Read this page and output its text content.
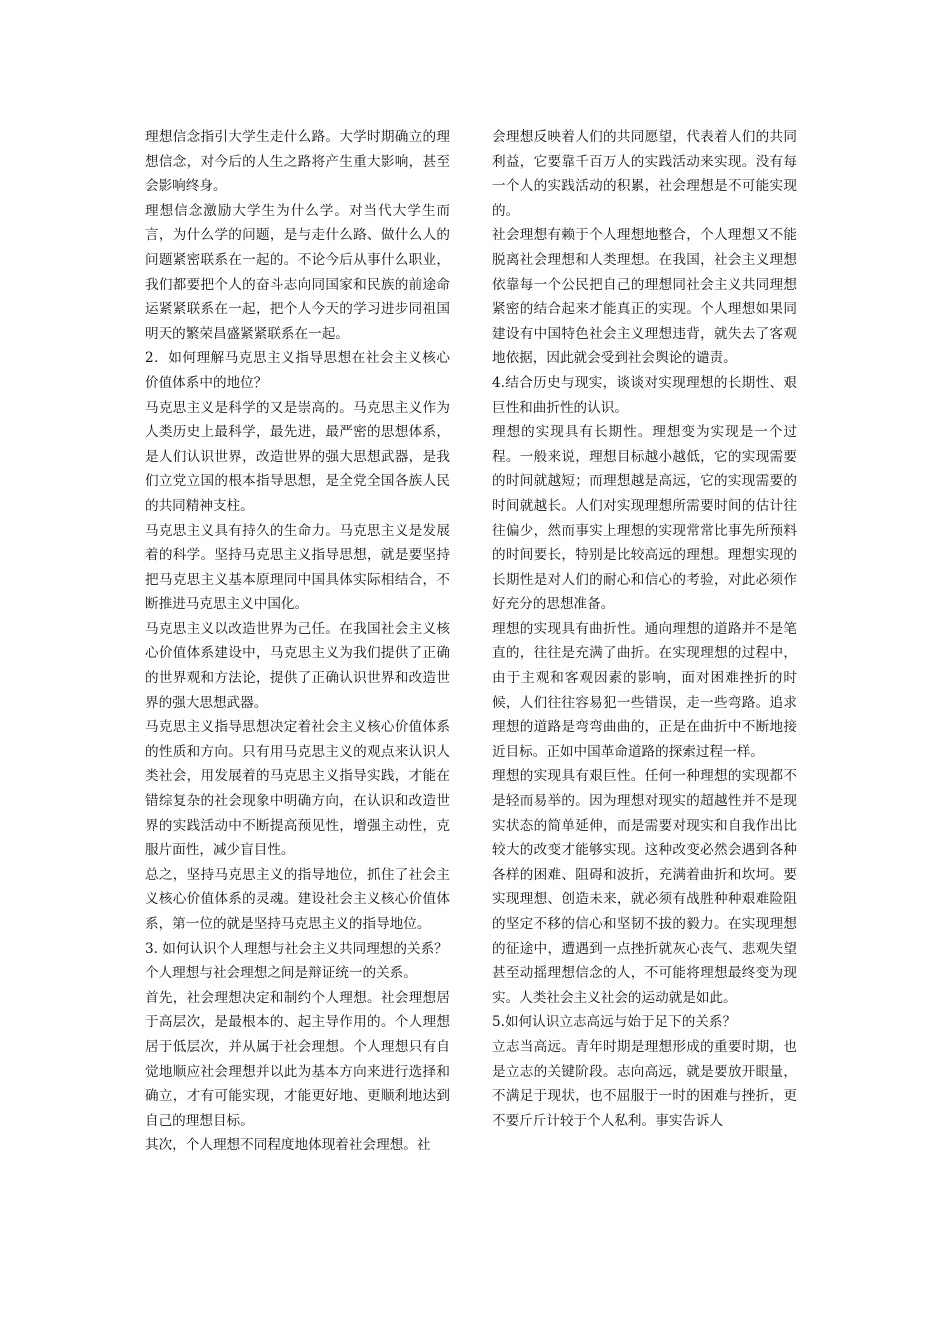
理想信念指引大学生走什么路。大学时期确立的理想信念，对今后的人生之路将产生重大影响，甚至会影响终身。

理想信念激励大学生为什么学。对当代大学生而言，为什么学的问题，是与走什么路、做什么人的问题紧密联系在一起的。不论今后从事什么职业，我们都要把个人的奋斗志向同国家和民族的前途命运紧紧联系在一起，把个人今天的学习进步同祖国明天的繁荣昌盛紧紧联系在一起。

2．如何理解马克思主义指导思想在社会主义核心价值体系中的地位？

马克思主义是科学的又是崇高的。马克思主义作为人类历史上最科学，最先进，最严密的思想体系，是人们认识世界，改造世界的强大思想武器，是我们立党立国的根本指导思想，是全党全国各族人民的共同精神支柱。

马克思主义具有持久的生命力。马克思主义是发展着的科学。坚持马克思主义指导思想，就是要坚持把马克思主义基本原理同中国具体实际相结合，不断推进马克思主义中国化。

马克思主义以改造世界为己任。在我国社会主义核心价值体系建设中，马克思主义为我们提供了正确的世界观和方法论，提供了正确认识世界和改造世界的强大思想武器。

马克思主义指导思想决定着社会主义核心价值体系的性质和方向。只有用马克思主义的观点来认识人类社会，用发展着的马克思主义指导实践，才能在错综复杂的社会现象中明确方向，在认识和改造世界的实践活动中不断提高预见性，增强主动性，克服片面性，减少盲目性。

总之，坚持马克思主义的指导地位，抓住了社会主义核心价值体系的灵魂。建设社会主义核心价值体系，第一位的就是坚持马克思主义的指导地位。

3. 如何认识个人理想与社会主义共同理想的关系？

个人理想与社会理想之间是辩证统一的关系。

首先，社会理想决定和制约个人理想。社会理想居于高层次，是最根本的、起主导作用的。个人理想居于低层次，并从属于社会理想。个人理想只有自觉地顺应社会理想并以此为基本方向来进行选择和确立，才有可能实现，才能更好地、更顺利地达到自己的理想目标。

其次，个人理想不同程度地体现着社会理想。社

会理想反映着人们的共同愿望，代表着人们的共同利益，它要靠千百万人的实践活动来实现。没有每一个人的实践活动的积累，社会理想是不可能实现的。

社会理想有赖于个人理想地整合，个人理想又不能脱离社会理想和人类理想。在我国，社会主义理想依靠每一个公民把自己的理想同社会主义共同理想紧密的结合起来才能真正的实现。个人理想如果同建设有中国特色社会主义理想违背，就失去了客观地依据，因此就会受到社会舆论的谴责。

4.结合历史与现实，谈谈对实现理想的长期性、艰巨性和曲折性的认识。

理想的实现具有长期性。理想变为实现是一个过程。一般来说，理想目标越小越低，它的实现需要的时间就越短；而理想越是高远，它的实现需要的时间就越长。人们对实现理想所需要时间的估计往往偏少，然而事实上理想的实现常常比事先所预料的时间要长，特别是比较高远的理想。理想实现的长期性是对人们的耐心和信心的考验，对此必须作好充分的思想准备。

理想的实现具有曲折性。通向理想的道路并不是笔直的，往往是充满了曲折。在实现理想的过程中，由于主观和客观因素的影响，面对困难挫折的时候，人们往往容易犯一些错误，走一些弯路。追求理想的道路是弯弯曲曲的，正是在曲折中不断地接近目标。正如中国革命道路的探索过程一样。

理想的实现具有艰巨性。任何一种理想的实现都不是轻而易举的。因为理想对现实的超越性并不是现实状态的简单延伸，而是需要对现实和自我作出比较大的改变才能够实现。这种改变必然会遇到各种各样的困难、阻碍和波折，充满着曲折和坎坷。要实现理想、创造未来，就必须有战胜种种艰难险阻的坚定不移的信心和坚韧不拔的毅力。在实现理想的征途中，遭遇到一点挫折就灰心丧气、悲观失望甚至动摇理想信念的人，不可能将理想最终变为现实。人类社会主义社会的运动就是如此。

5.如何认识立志高远与始于足下的关系？

立志当高远。青年时期是理想形成的重要时期，也是立志的关键阶段。志向高远，就是要放开眼量，不满足于现状，也不屈服于一时的困难与挫折，更不要斤斤计较于个人私利。事实告诉人
